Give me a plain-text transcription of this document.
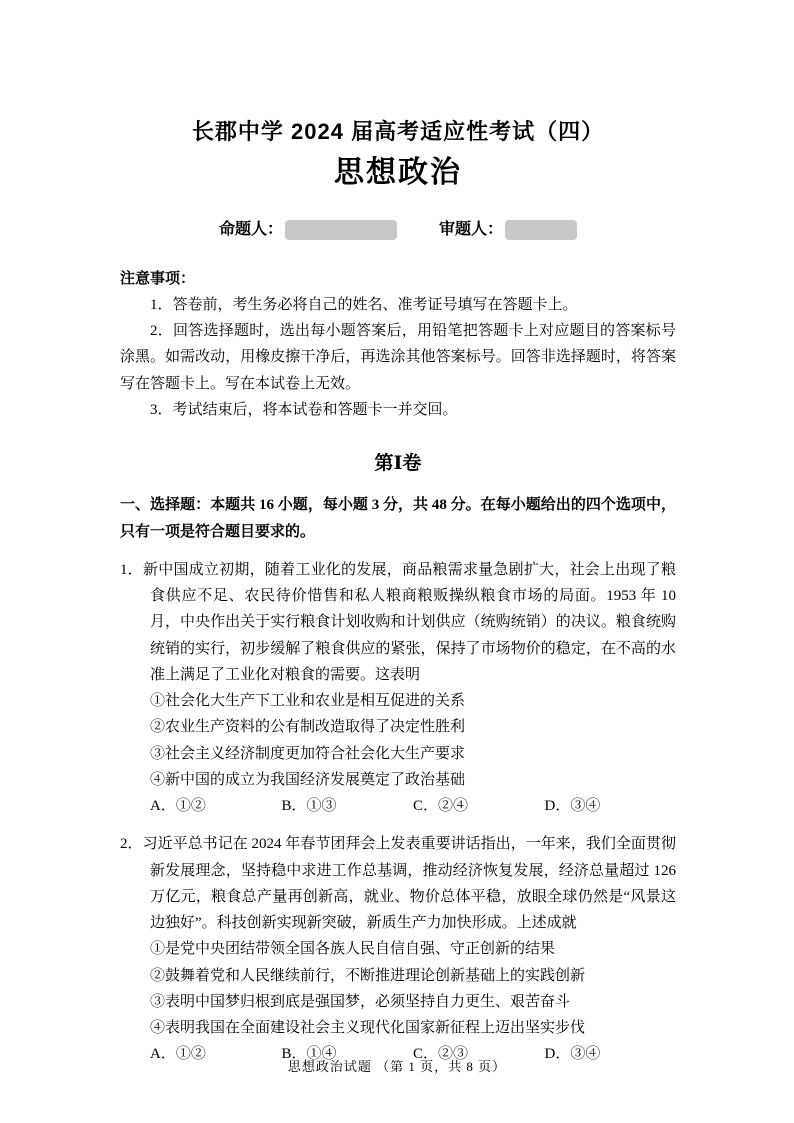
长郡中学 2024 届高考适应性考试（四）
思想政治
命题人：	审题人：
注意事项：

1．答卷前，考生务必将自己的姓名、准考证号填写在答题卡上。

2．回答选择题时，选出每小题答案后，用铅笔把答题卡上对应题目的答案标号涂黑。如需改动，用橡皮擦干净后，再选涂其他答案标号。回答非选择题时，将答案写在答题卡上。写在本试卷上无效。

3．考试结束后，将本试卷和答题卡一并交回。

第Ⅰ卷

一、选择题：本题共 16 小题，每小题 3 分，共 48 分。在每小题给出的四个选项中，只有一项是符合题目要求的。

1．新中国成立初期，随着工业化的发展，商品粮需求量急剧扩大，社会上出现了粮食供应不足、农民待价惜售和私人粮商粮贩操纵粮食市场的局面。1953 年 10 月，中央作出关于实行粮食计划收购和计划供应（统购统销）的决议。粮食统购统销的实行，初步缓解了粮食供应的紧张，保持了市场物价的稳定，在不高的水准上满足了工业化对粮食的需要。这表明

①社会化大生产下工业和农业是相互促进的关系

②农业生产资料的公有制改造取得了决定性胜利

③社会主义经济制度更加符合社会化大生产要求

④新中国的成立为我国经济发展奠定了政治基础

A．①②	B．①③	C．②④	D．③④

2．习近平总书记在 2024 年春节团拜会上发表重要讲话指出，一年来，我们全面贯彻新发展理念，坚持稳中求进工作总基调，推动经济恢复发展，经济总量超过 126 万亿元，粮食总产量再创新高，就业、物价总体平稳，放眼全球仍然是“风景这边独好”。科技创新实现新突破，新质生产力加快形成。上述成就

①是党中央团结带领全国各族人民自信自强、守正创新的结果

②鼓舞着党和人民继续前行，不断推进理论创新基础上的实践创新

③表明中国梦归根到底是强国梦，必须坚持自力更生、艰苦奋斗

④表明我国在全面建设社会主义现代化国家新征程上迈出坚实步伐

A．①②	B．①④	C．②③	D．③④
思想政治试题 （第 1 页，共 8 页）
